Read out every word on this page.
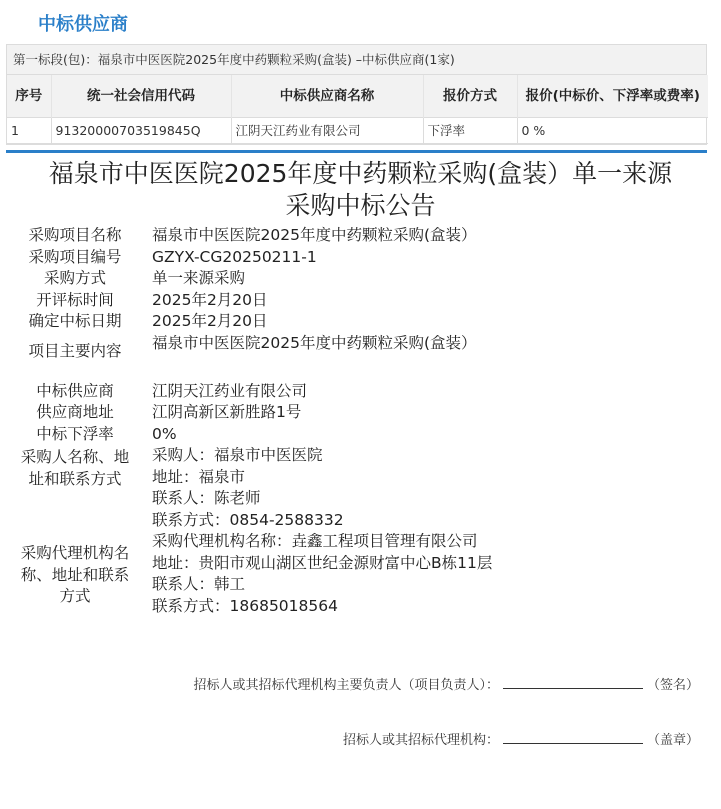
中标供应商
第一标段(包)：福泉市中医医院2025年度中药颗粒采购(盒装) –中标供应商(1家)
序号	统一社会信用代码	中标供应商名称	报价方式	报价(中标价、下浮率或费率)
1	91320000703519845Q	江阴天江药业有限公司	下浮率	0 %
福泉市中医医院2025年度中药颗粒采购(盒装）单一来源
采购中标公告
采购项目名称	福泉市中医医院2025年度中药颗粒采购(盒装）
采购项目编号	GZYX-CG20250211-1
采购方式	单一来源采购
开评标时间	2025年2月20日
确定中标日期	2025年2月20日
项目主要内容	福泉市中医医院2025年度中药颗粒采购(盒装）
中标供应商	江阴天江药业有限公司
供应商地址	江阴高新区新胜路1号
中标下浮率	0%
采购人名称、地址和联系方式
采购人：福泉市中医医院
地址：福泉市
联系人：陈老师
联系方式：0854-2588332
采购代理机构名称、地址和联系方式
采购代理机构名称：垚鑫工程项目管理有限公司
地址：贵阳市观山湖区世纪金源财富中心B栋11层
联系人：韩工
联系方式：18685018564
招标人或其招标代理机构主要负责人（项目负责人）：	（签名）
招标人或其招标代理机构：	（盖章）
